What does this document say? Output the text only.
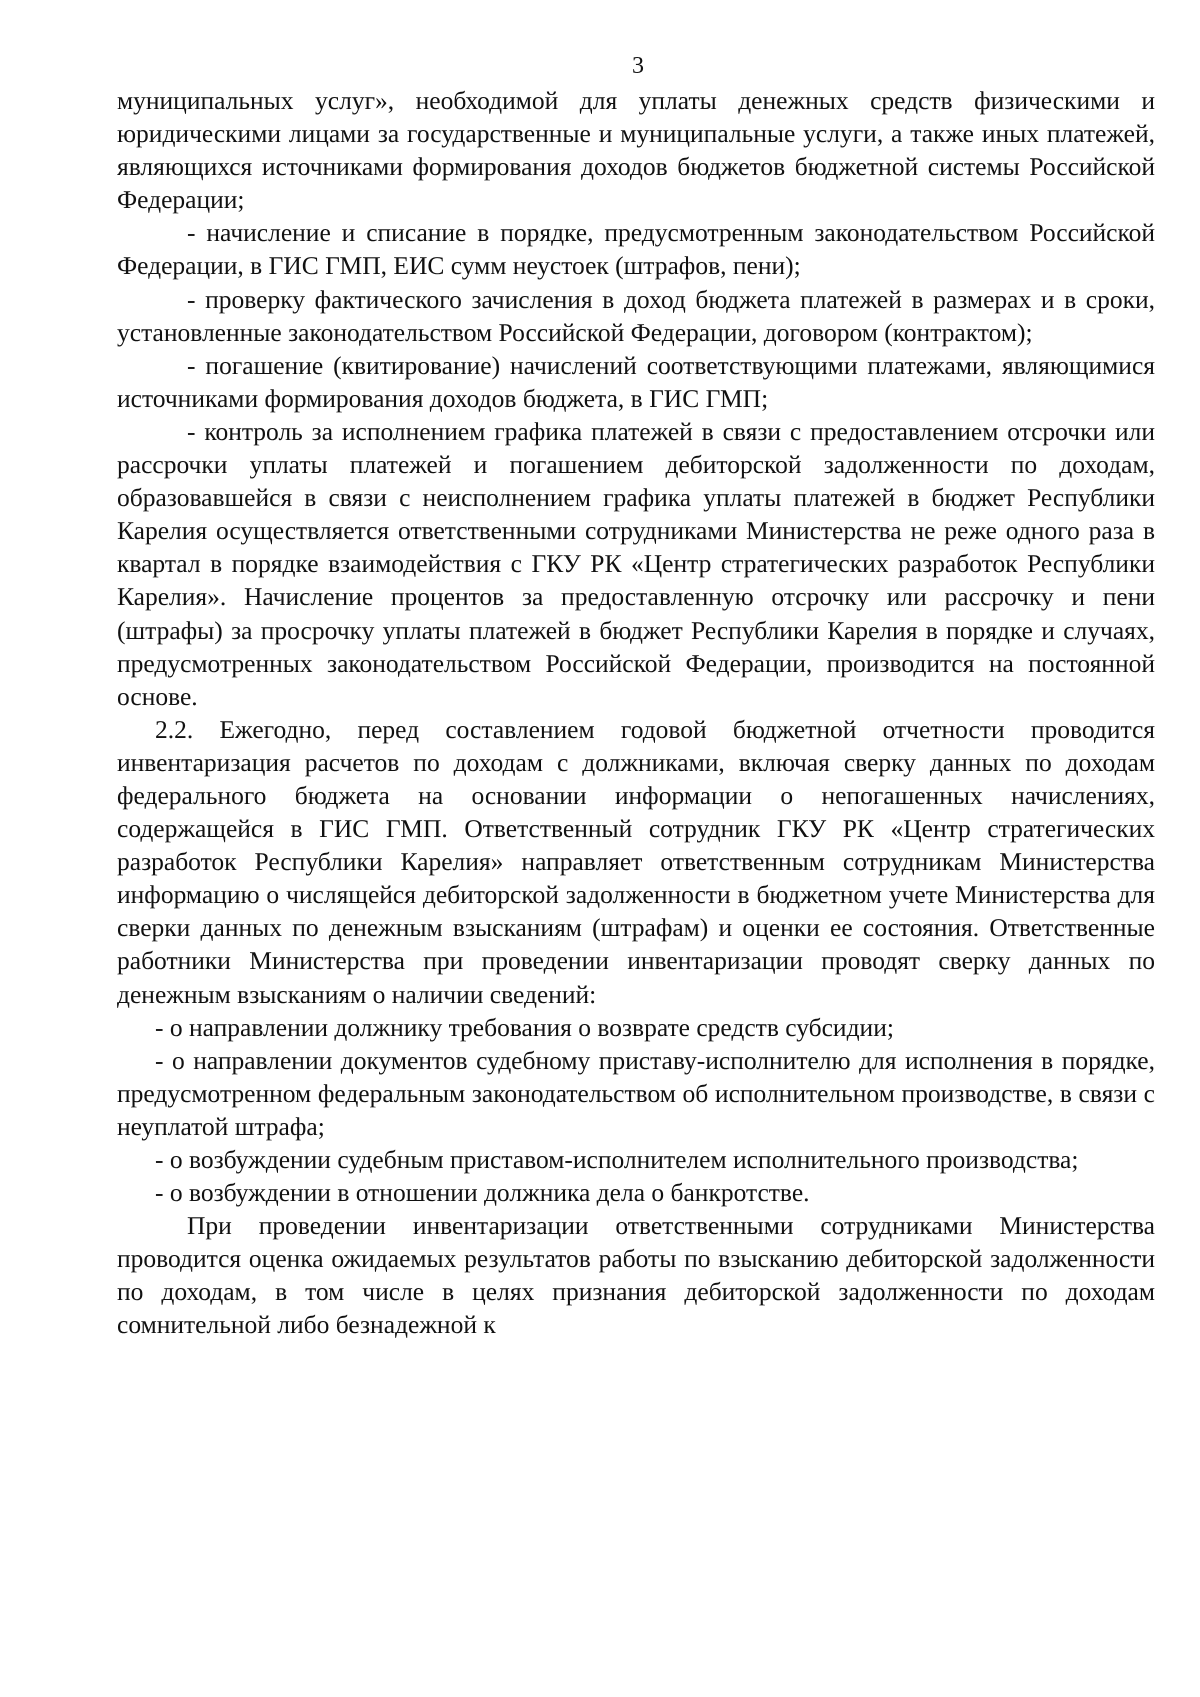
3

муниципальных услуг», необходимой для уплаты денежных средств физическими и юридическими лицами за государственные и муниципальные услуги, а также иных платежей, являющихся источниками формирования доходов бюджетов бюджетной системы Российской Федерации;

- начисление и списание в порядке, предусмотренным законодательством Российской Федерации, в ГИС ГМП, ЕИС сумм неустоек (штрафов, пени);

- проверку фактического зачисления в доход бюджета платежей в размерах и в сроки, установленные законодательством Российской Федерации, договором (контрактом);

- погашение (квитирование) начислений соответствующими платежами, являющимися источниками формирования доходов бюджета, в ГИС ГМП;

- контроль за исполнением графика платежей в связи с предоставлением отсрочки или рассрочки уплаты платежей и погашением дебиторской задолженности по доходам, образовавшейся в связи с неисполнением графика уплаты платежей в бюджет Республики Карелия осуществляется ответственными сотрудниками Министерства не реже одного раза в квартал в порядке взаимодействия с ГКУ РК «Центр стратегических разработок Республики Карелия». Начисление процентов за предоставленную отсрочку или рассрочку и пени (штрафы) за просрочку уплаты платежей в бюджет Республики Карелия в порядке и случаях, предусмотренных законодательством Российской Федерации, производится на постоянной основе.

2.2. Ежегодно, перед составлением годовой бюджетной отчетности проводится инвентаризация расчетов по доходам с должниками, включая сверку данных по доходам федерального бюджета на основании информации о непогашенных начислениях, содержащейся в ГИС ГМП. Ответственный сотрудник ГКУ РК «Центр стратегических разработок Республики Карелия» направляет ответственным сотрудникам Министерства информацию о числящейся дебиторской задолженности в бюджетном учете Министерства для сверки данных по денежным взысканиям (штрафам) и оценки ее состояния. Ответственные работники Министерства при проведении инвентаризации проводят сверку данных по денежным взысканиям о наличии сведений:

- о направлении должнику требования о возврате средств субсидии;

- о направлении документов судебному приставу-исполнителю для исполнения в порядке, предусмотренном федеральным законодательством об исполнительном производстве, в связи с неуплатой штрафа;

- о возбуждении судебным приставом-исполнителем исполнительного производства;

- о возбуждении в отношении должника дела о банкротстве.

При проведении инвентаризации ответственными сотрудниками Министерства проводится оценка ожидаемых результатов работы по взысканию дебиторской задолженности по доходам, в том числе в целях признания дебиторской задолженности по доходам сомнительной либо безнадежной к
